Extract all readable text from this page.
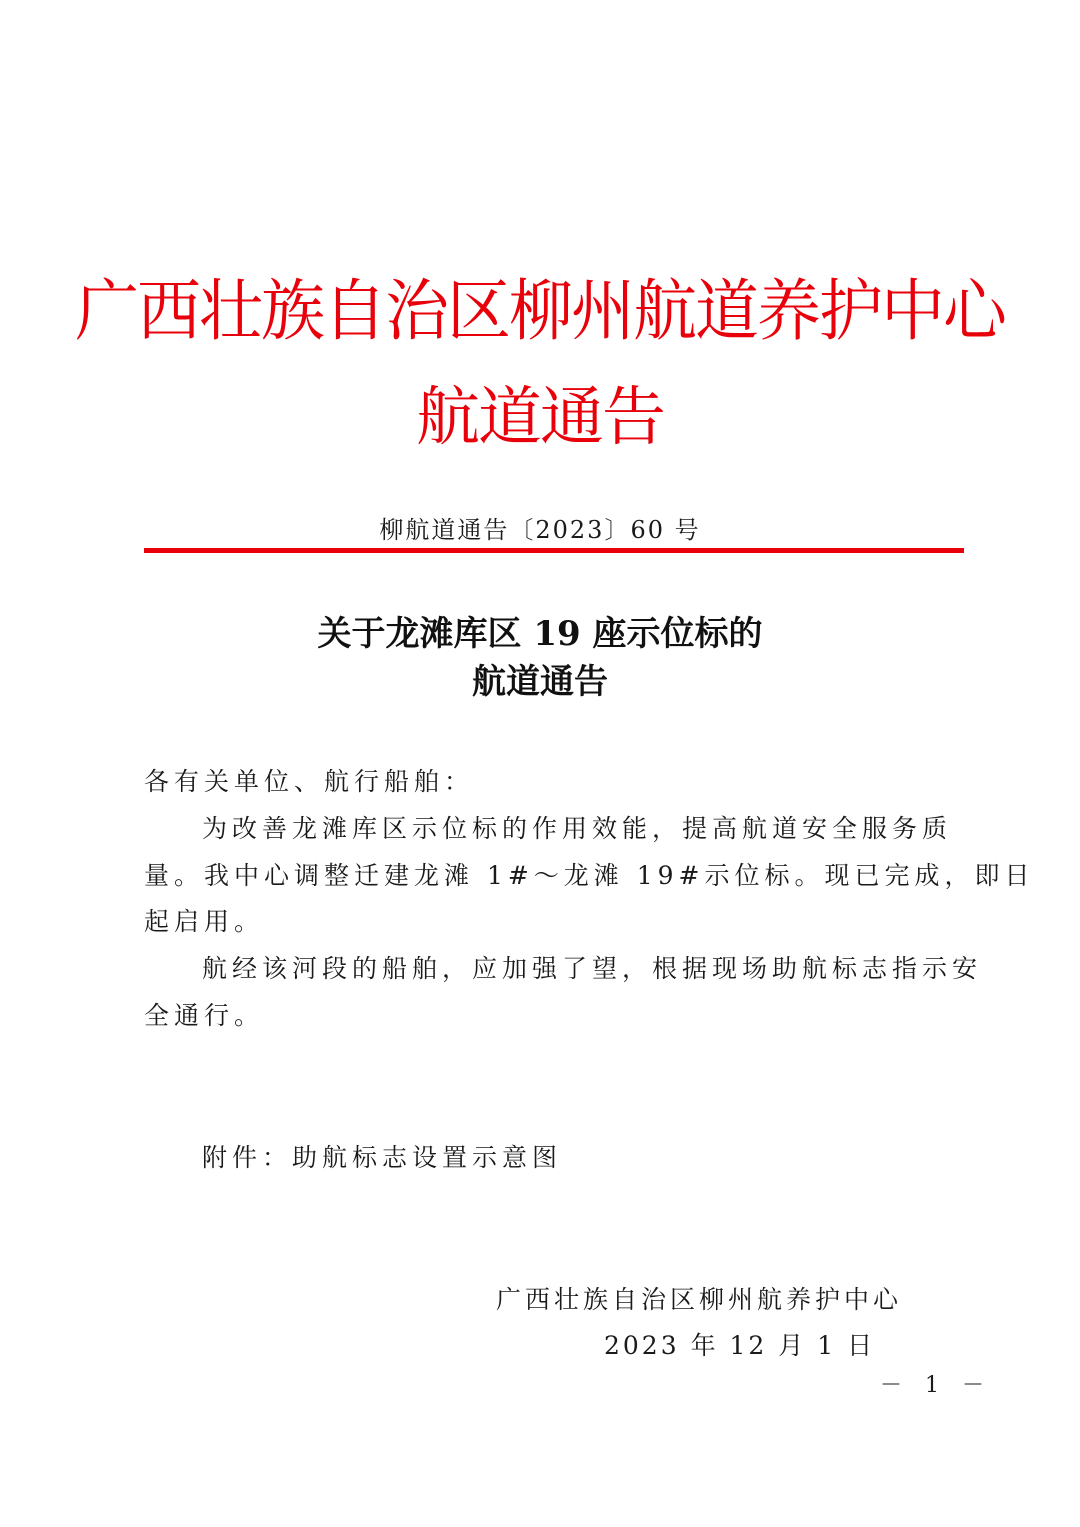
广西壮族自治区柳州航道养护中心
航道通告
柳航道通告〔2023〕60 号
关于龙滩库区 19 座示位标的
航道通告
各有关单位、航行船舶：
为改善龙滩库区示位标的作用效能，提高航道安全服务质
量。我中心调整迁建龙滩 1#～龙滩 19#示位标。现已完成，即日
起启用。
航经该河段的船舶，应加强了望，根据现场助航标志指示安
全通行。
附件：助航标志设置示意图
广西壮族自治区柳州航养护中心
2023 年 12 月 1 日
－ 1 －
